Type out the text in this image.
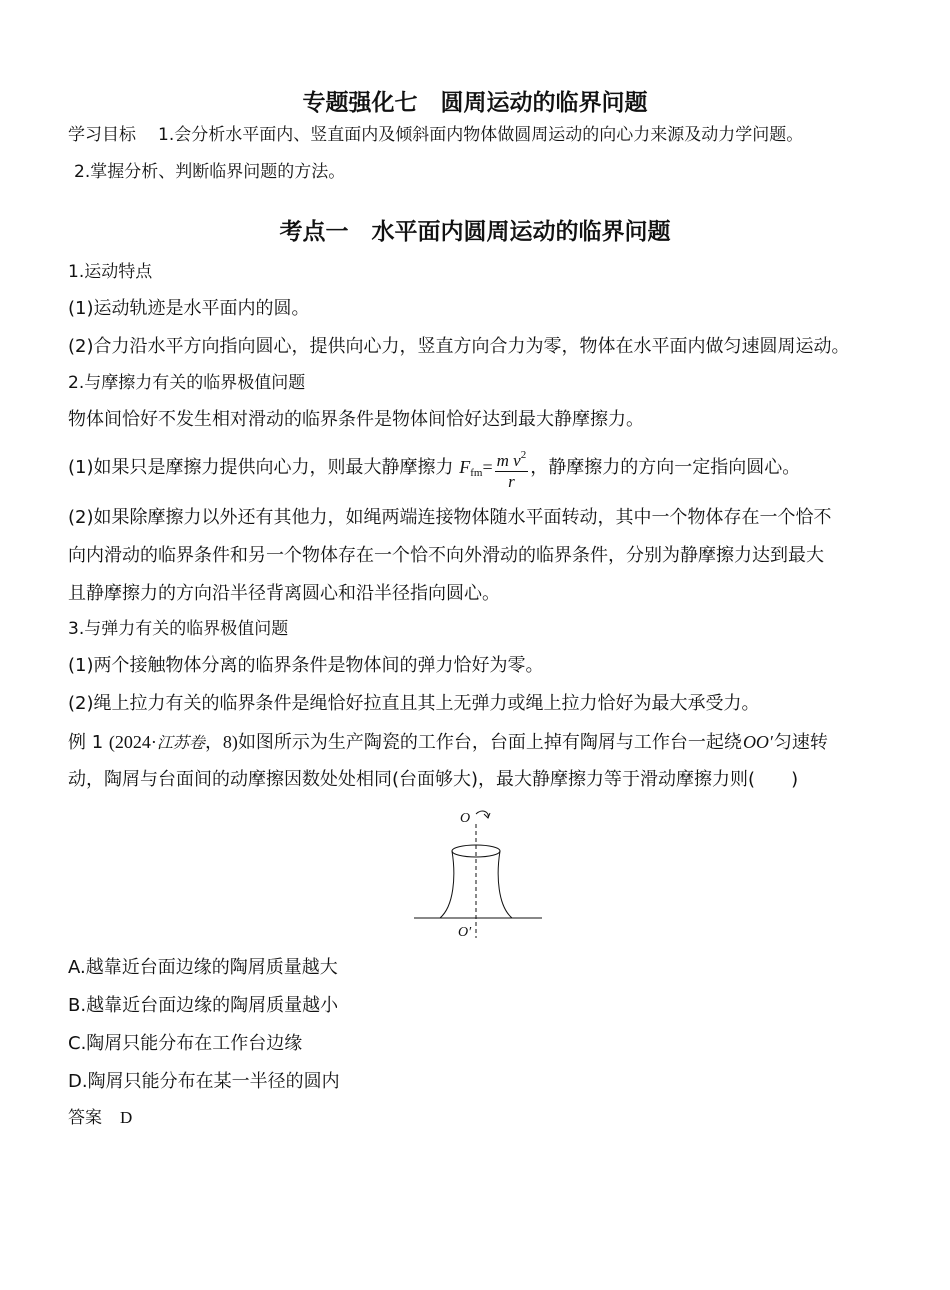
专题强化七　圆周运动的临界问题
学习目标 1.会分析水平面内、竖直面内及倾斜面内物体做圆周运动的向心力来源及动力学问题。
2.掌握分析、判断临界问题的方法。
考点一　水平面内圆周运动的临界问题
1.运动特点
(1)运动轨迹是水平面内的圆。
(2)合力沿水平方向指向圆心，提供向心力，竖直方向合力为零，物体在水平面内做匀速圆周运动。
2.与摩擦力有关的临界极值问题
物体间恰好不发生相对滑动的临界条件是物体间恰好达到最大静摩擦力。
(1)如果只是摩擦力提供向心力，则最大静摩擦力 $F_{fm}= \frac{m v^2}{r}$ ，静摩擦力的方向一定指向圆心。
(2)如果除摩擦力以外还有其他力，如绳两端连接物体随水平面转动，其中一个物体存在一个恰不
向内滑动的临界条件和另一个物体存在一个恰不向外滑动的临界条件，分别为静摩擦力达到最大
且静摩擦力的方向沿半径背离圆心和沿半径指向圆心。
3.与弹力有关的临界极值问题
(1)两个接触物体分离的临界条件是物体间的弹力恰好为零。
(2)绳上拉力有关的临界条件是绳恰好拉直且其上无弹力或绳上拉力恰好为最大承受力。
例 1 (2024·江苏卷，8)如图所示为生产陶瓷的工作台，台面上掉有陶屑与工作台一起绕OO′匀速转
动，陶屑与台面间的动摩擦因数处处相同(台面够大)，最大静摩擦力等于滑动摩擦力则(　　)
O
O′
A.越靠近台面边缘的陶屑质量越大
B.越靠近台面边缘的陶屑质量越小
C.陶屑只能分布在工作台边缘
D.陶屑只能分布在某一半径的圆内
答案 D
